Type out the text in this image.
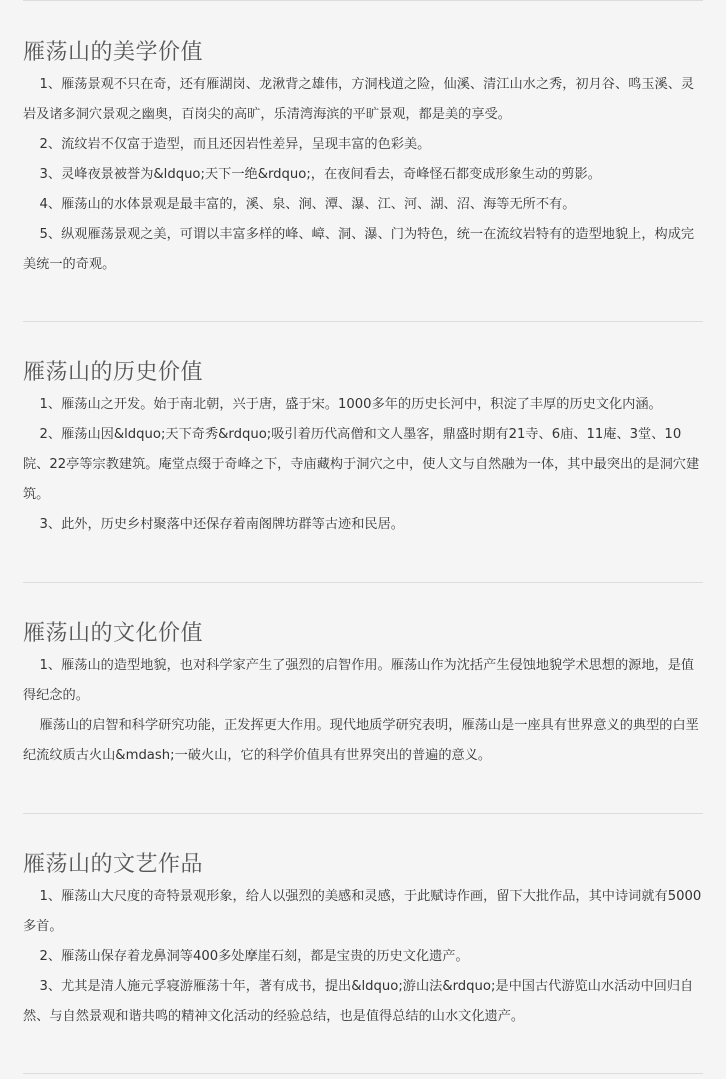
雁荡山的美学价值

1、雁荡景观不只在奇，还有雁湖岗、龙湫背之雄伟，方洞栈道之险，仙溪、清江山水之秀，初月谷、鸣玉溪、灵岩及诸多洞穴景观之幽奥，百岗尖的高旷，乐清湾海滨的平旷景观，都是美的享受。

2、流纹岩不仅富于造型，而且还因岩性差异，呈现丰富的色彩美。

3、灵峰夜景被誉为&ldquo;天下一绝&rdquo;，在夜间看去，奇峰怪石都变成形象生动的剪影。

4、雁荡山的水体景观是最丰富的，溪、泉、涧、潭、瀑、江、河、湖、沼、海等无所不有。

5、纵观雁荡景观之美，可谓以丰富多样的峰、嶂、洞、瀑、门为特色，统一在流纹岩特有的造型地貌上，构成完美统一的奇观。

雁荡山的历史价值

1、雁荡山之开发。始于南北朝，兴于唐，盛于宋。1000多年的历史长河中，积淀了丰厚的历史文化内涵。

2、雁荡山因&ldquo;天下奇秀&rdquo;吸引着历代高僧和文人墨客，鼎盛时期有21寺、6庙、11庵、3堂、10院、22亭等宗教建筑。庵堂点缀于奇峰之下，寺庙藏构于洞穴之中，使人文与自然融为一体，其中最突出的是洞穴建筑。

3、此外，历史乡村聚落中还保存着南阁牌坊群等古迹和民居。

雁荡山的文化价值

1、雁荡山的造型地貌，也对科学家产生了强烈的启智作用。雁荡山作为沈括产生侵蚀地貌学术思想的源地，是值得纪念的。

雁荡山的启智和科学研究功能，正发挥更大作用。现代地质学研究表明，雁荡山是一座具有世界意义的典型的白垩纪流纹质古火山&mdash;一破火山，它的科学价值具有世界突出的普遍的意义。

雁荡山的文艺作品

1、雁荡山大尺度的奇特景观形象，给人以强烈的美感和灵感，于此赋诗作画，留下大批作品，其中诗词就有5000多首。

2、雁荡山保存着龙鼻洞等400多处摩崖石刻，都是宝贵的历史文化遗产。

3、尤其是清人施元孚寝游雁荡十年，著有成书，提出&ldquo;游山法&rdquo;是中国古代游览山水活动中回归自然、与自然景观和谐共鸣的精神文化活动的经验总结，也是值得总结的山水文化遗产。
